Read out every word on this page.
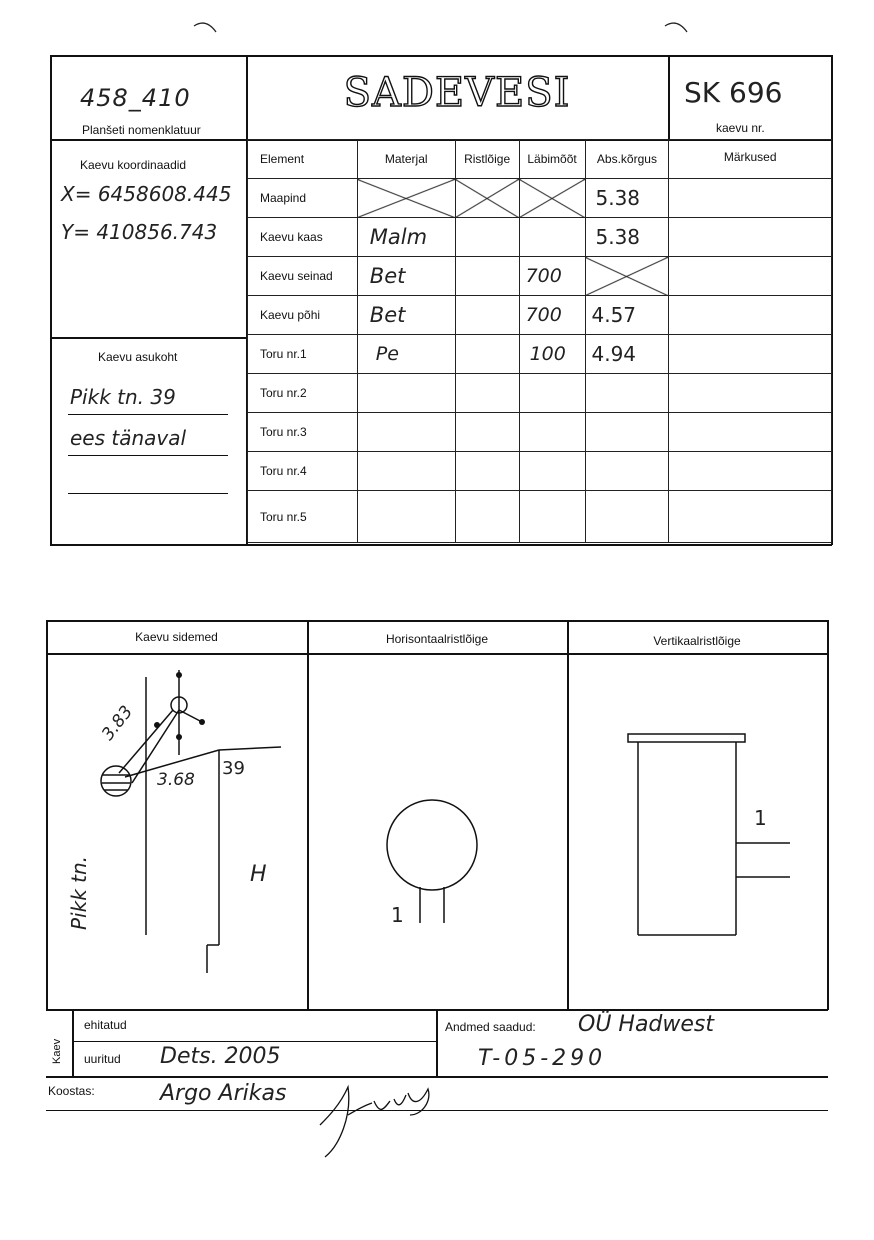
458_410
Planšeti nomenklatuur
SADEVESI	SK 696
kaevu nr.
Kaevu koordinaadid
X= 6458608.445
Y= 410856.743
Kaevu asukoht
Pikk tn. 39
ees tänaval
Element	Materjal	Ristlõige	Läbimõõt	Abs.kõrgus	Märkused
Maapind				5.38	
Kaevu kaas	Malm			5.38	
Kaevu seinad	Bet		700		
Kaevu põhi	Bet		700	4.57	
Toru nr.1	Pe		100	4.94	
Toru nr.2					
Toru nr.3					
Toru nr.4					
Toru nr.5					
Kaevu sidemed	Horisontaalristlõige	Vertikaalristlõige
3.83
3.68
39
H
Pikk tn.	1
1
Kaev
ehitatud
uuritud Dets. 2005
Andmed saadud: OÜ Hadwest
T-05-290
Koostas:	Argo Arikas
